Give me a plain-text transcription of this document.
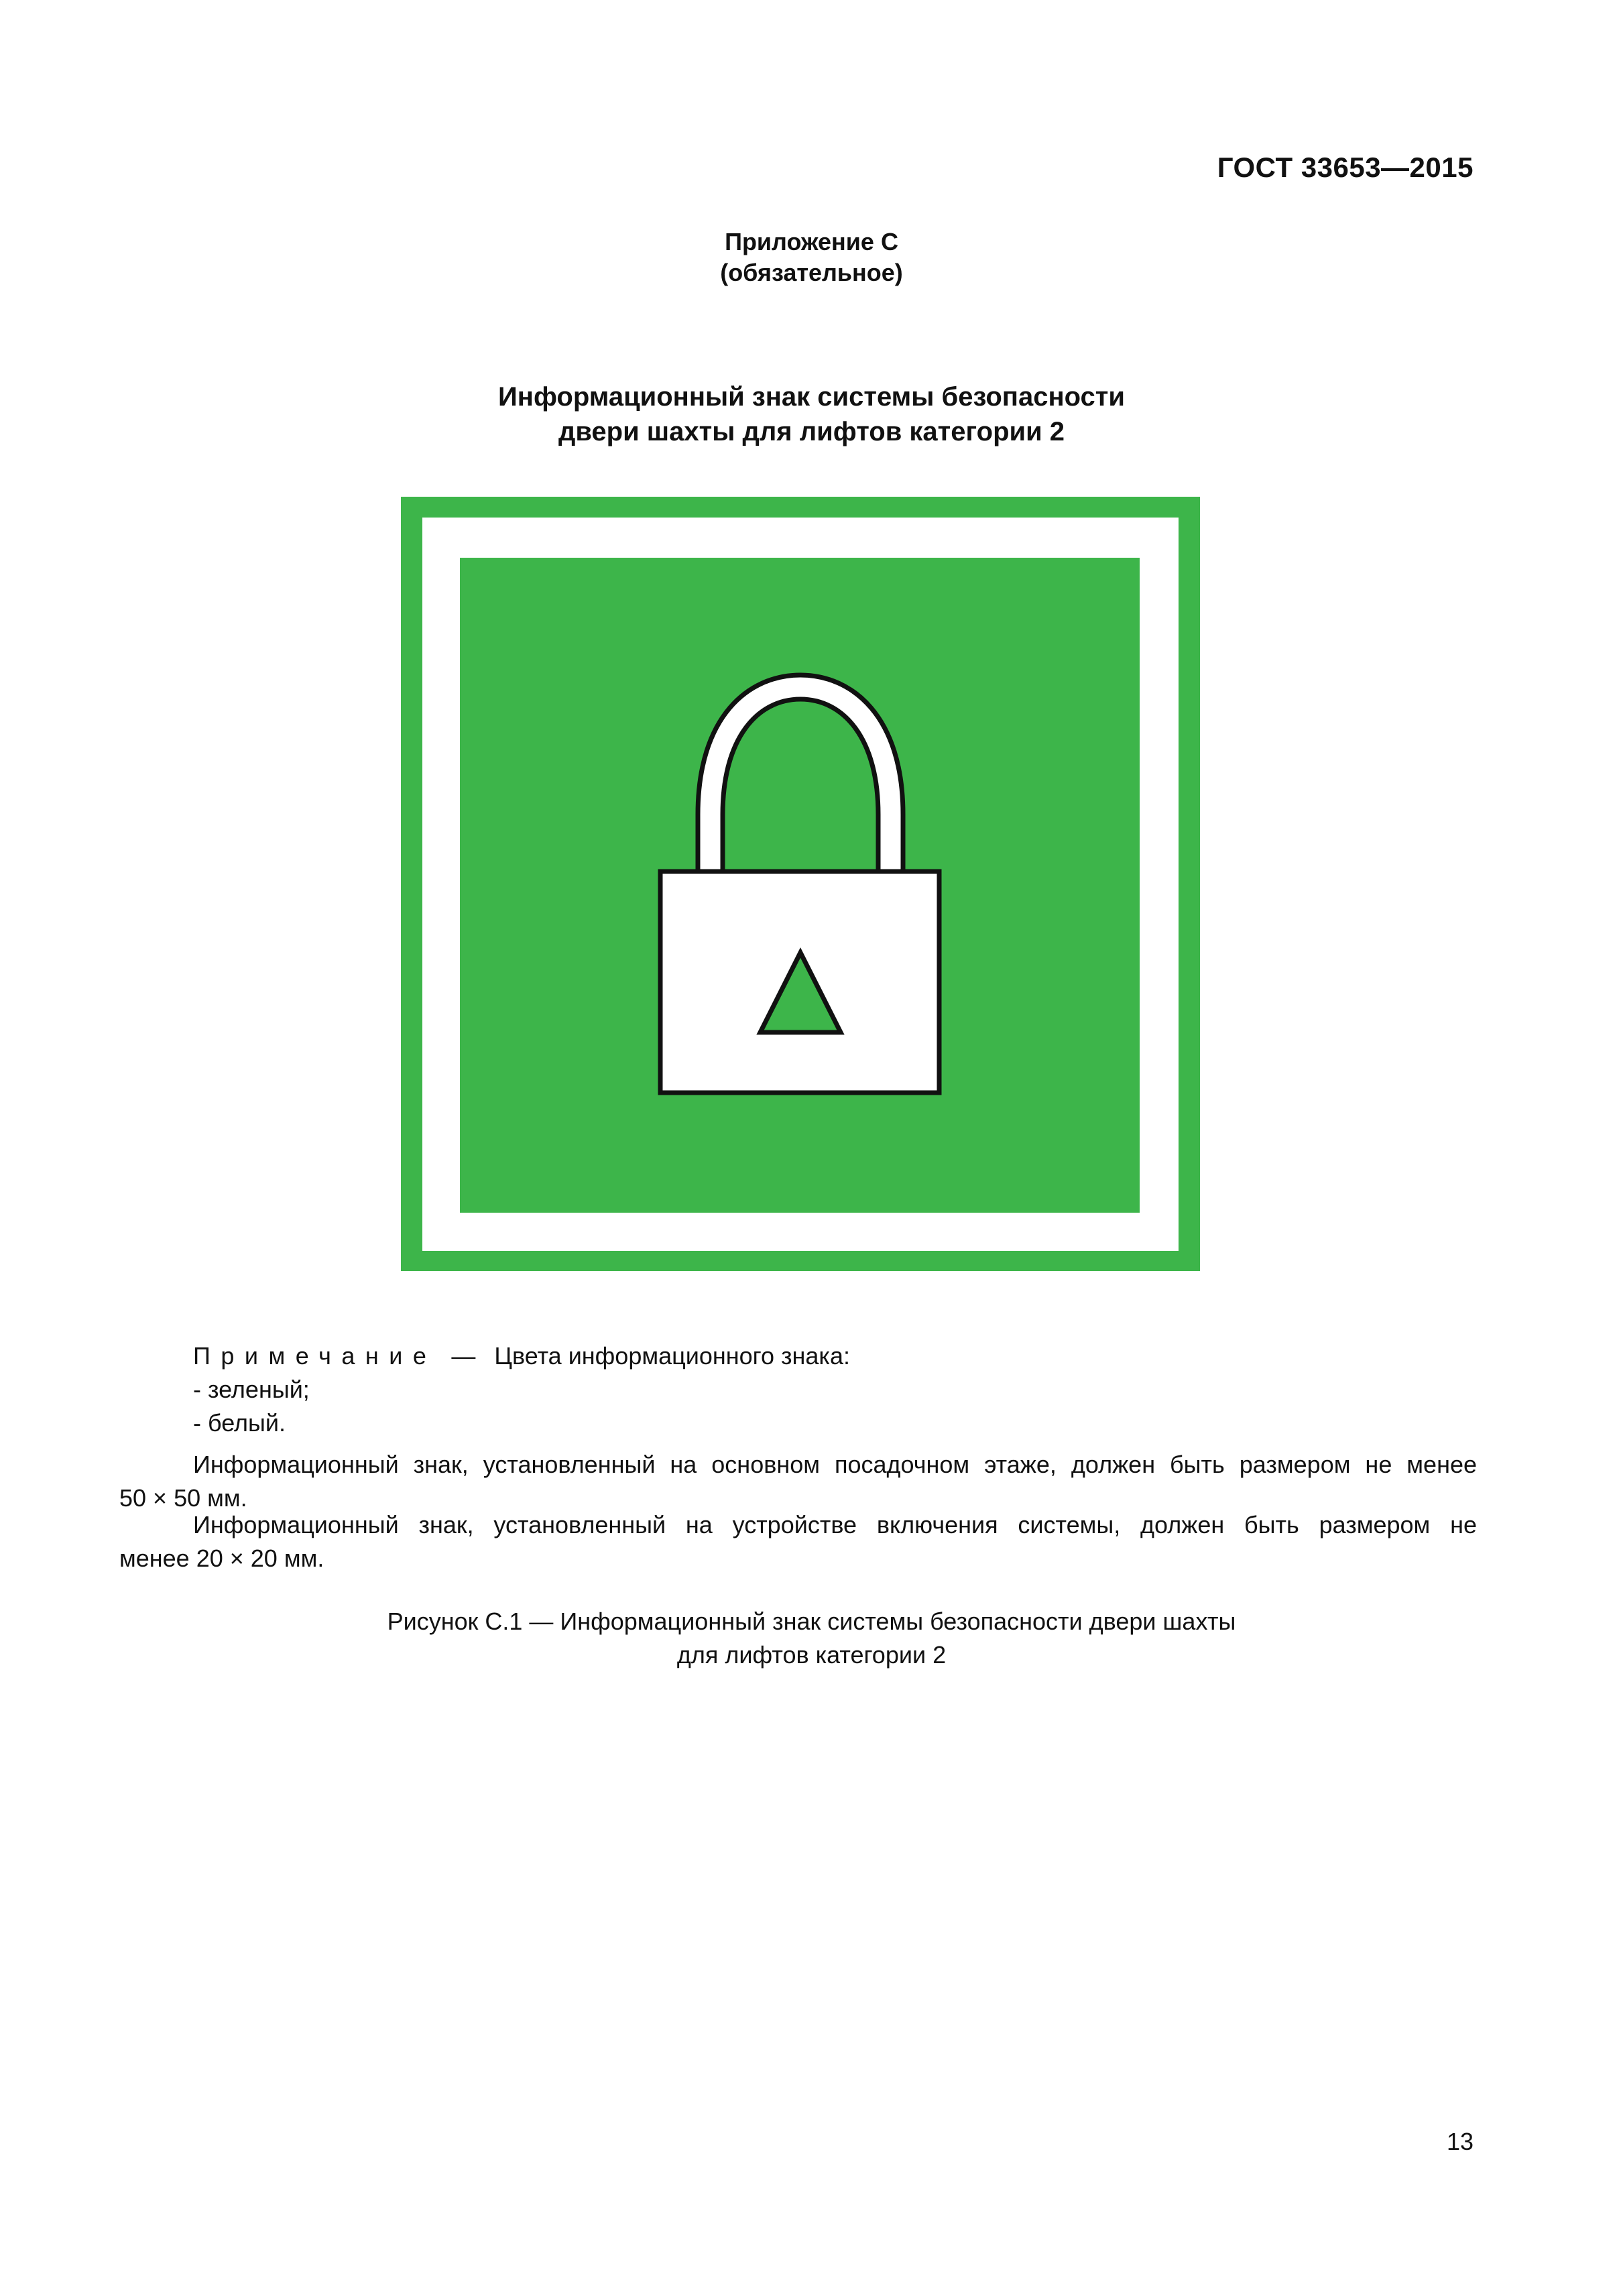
ГОСТ 33653—2015
Приложение С
(обязательное)
Информационный знак системы безопасности
двери шахты для лифтов категории 2
Примечание — Цвета информационного знака:
- зеленый;
- белый.
Информационный знак, установленный на основном посадочном этаже, должен быть размером не менее
50 × 50 мм.
Информационный знак, установленный на устройстве включения системы, должен быть размером не
менее 20 × 20 мм.
Рисунок С.1 — Информационный знак системы безопасности двери шахты
для лифтов категории 2
13
